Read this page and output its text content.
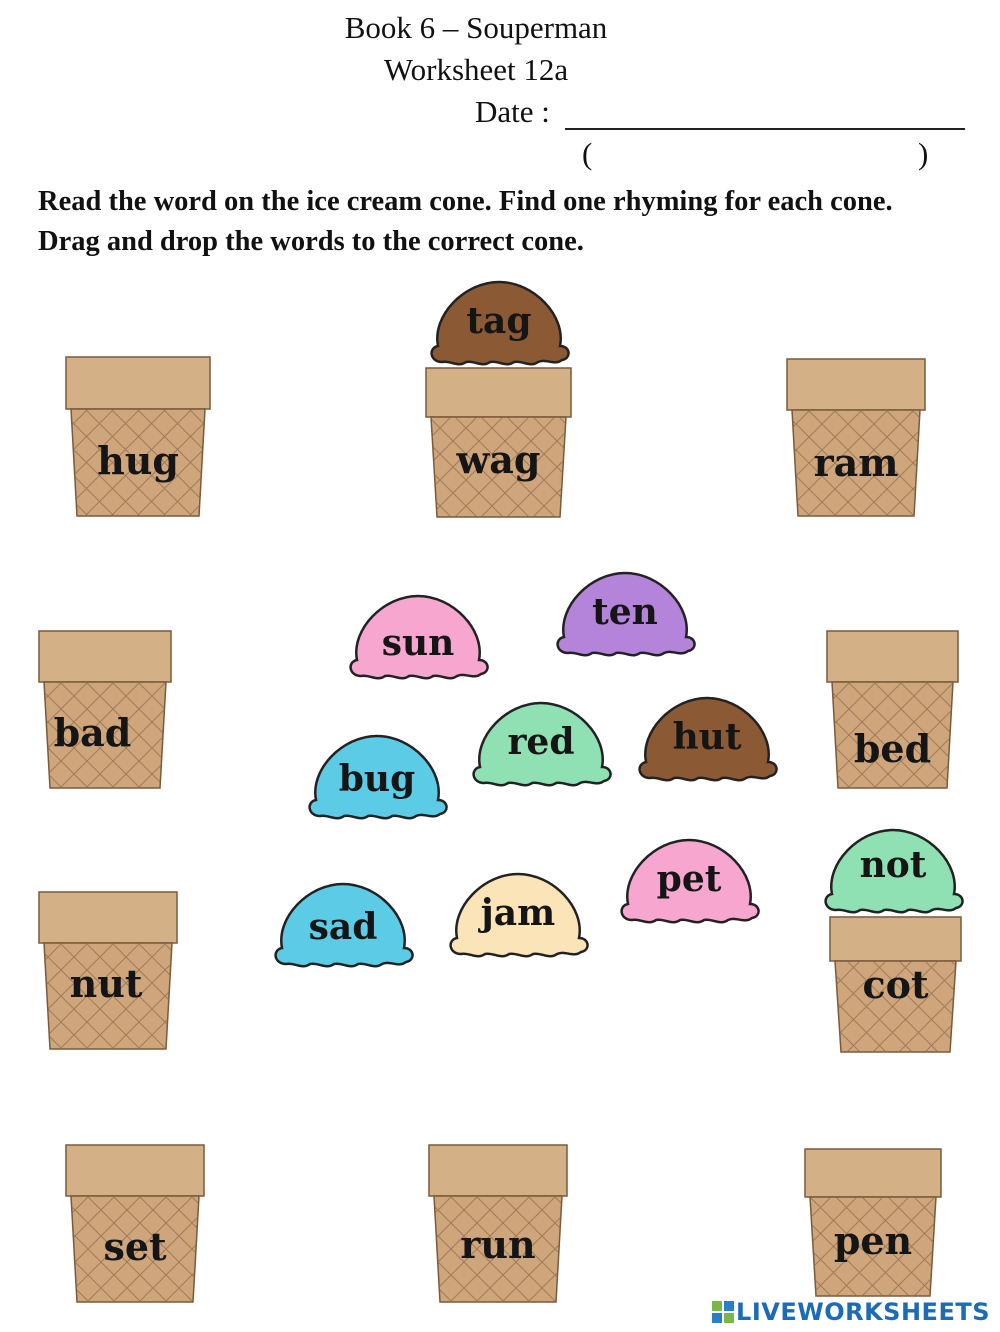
Book 6 – Souperman
Worksheet 12a
Date :
(	)
Read the word on the ice cream cone. Find one rhyming for each cone. Drag and drop the words to the correct cone.
hug	wag	ram
bad	bed
nut	cot
set	run	pen
tag
sun
ten
red	hut
bug
pet	not
sad	jam
LIVEWORKSHEETS
